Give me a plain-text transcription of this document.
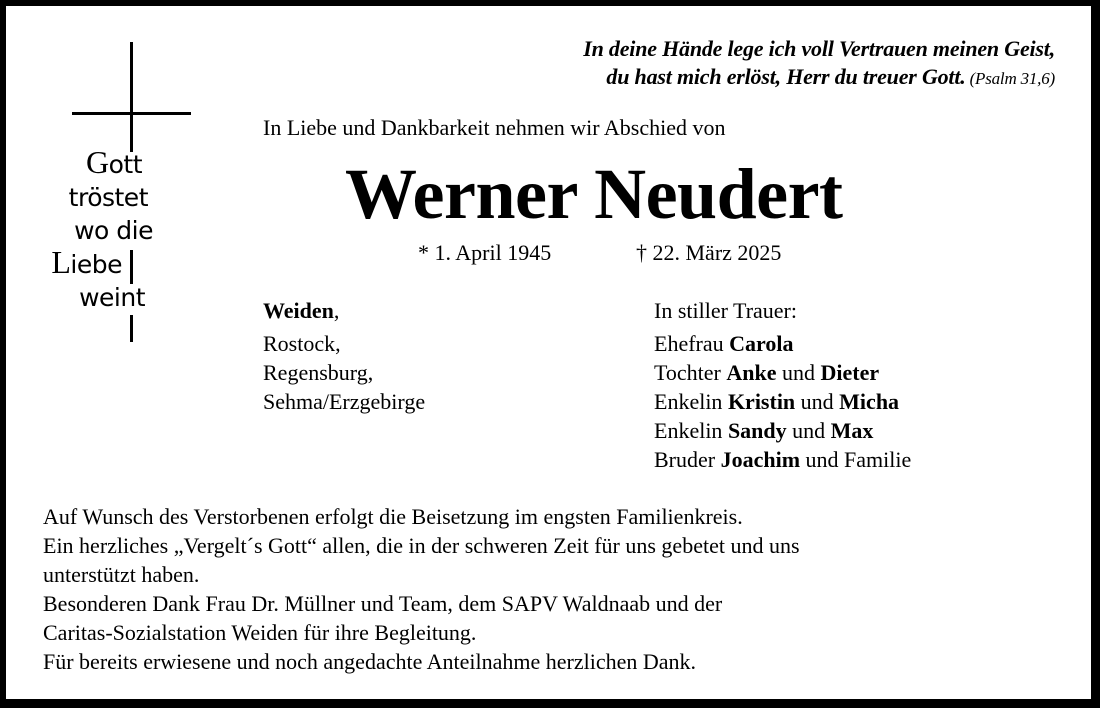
Gott
tröstet
wo die
Liebe
weint
In deine Hände lege ich voll Vertrauen meinen Geist,
du hast mich erlöst, Herr du treuer Gott. (Psalm 31,6)
In Liebe und Dankbarkeit nehmen wir Abschied von
Werner Neudert
* 1. April 1945	† 22. März 2025
Weiden,
Rostock,
Regensburg,
Sehma/Erzgebirge
In stiller Trauer:
Ehefrau Carola
Tochter Anke und Dieter
Enkelin Kristin und Micha
Enkelin Sandy und Max
Bruder Joachim und Familie
Auf Wunsch des Verstorbenen erfolgt die Beisetzung im engsten Familienkreis.
Ein herzliches „Vergelt´s Gott“ allen, die in der schweren Zeit für uns gebetet und uns
unterstützt haben.
Besonderen Dank Frau Dr. Müllner und Team, dem SAPV Waldnaab und der
Caritas-Sozialstation Weiden für ihre Begleitung.
Für bereits erwiesene und noch angedachte Anteilnahme herzlichen Dank.
